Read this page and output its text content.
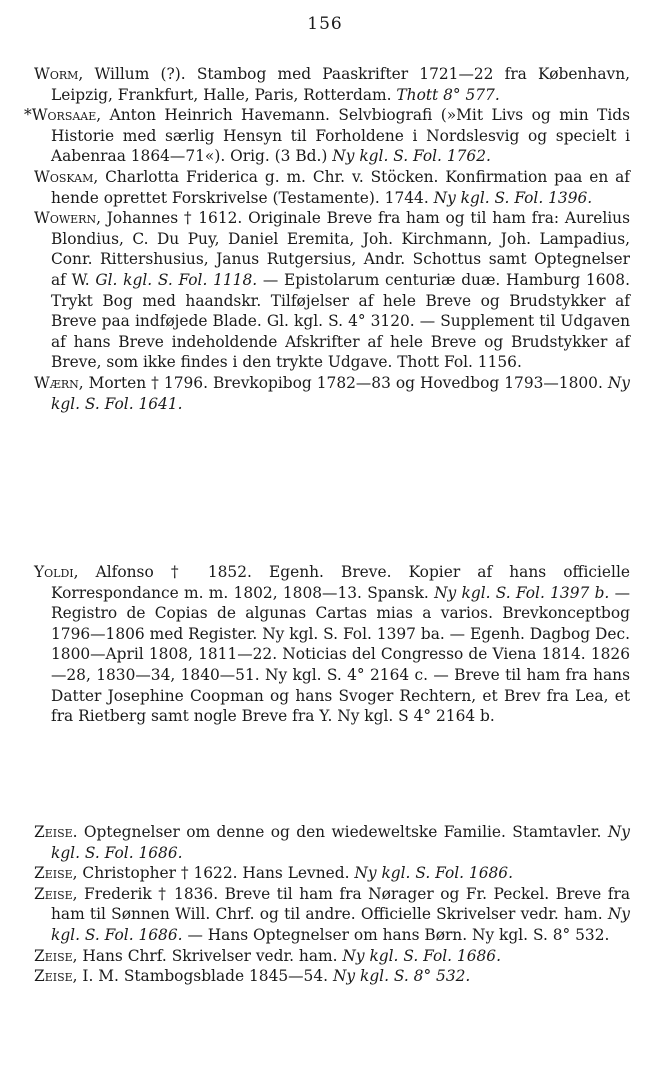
156
Worm, Willum (?). Stambog med Paaskrifter 1721—22 fra København, Leipzig, Frankfurt, Halle, Paris, Rotterdam. Thott 8° 577.
*Worsaae, Anton Heinrich Havemann. Selvbiografi (»Mit Livs og min Tids Historie med særlig Hensyn til Forholdene i Nordslesvig og specielt i Aabenraa 1864—71«). Orig. (3 Bd.) Ny kgl. S. Fol. 1762.
Woskam, Charlotta Friderica g. m. Chr. v. Stöcken. Konfirmation paa en af hende oprettet Forskrivelse (Testamente). 1744. Ny kgl. S. Fol. 1396.
Wowern, Johannes † 1612. Originale Breve fra ham og til ham fra: Aurelius Blondius, C. Du Puy, Daniel Eremita, Joh. Kirchmann, Joh. Lampadius, Conr. Rittershusius, Janus Rutgersius, Andr. Schottus samt Optegnelser af W. Gl. kgl. S. Fol. 1118. — Epistolarum centuriæ duæ. Hamburg 1608. Trykt Bog med haandskr. Tilføjelser af hele Breve og Brudstykker af Breve paa indføjede Blade. Gl. kgl. S. 4° 3120. — Supplement til Udgaven af hans Breve indeholdende Afskrifter af hele Breve og Brudstykker af Breve, som ikke findes i den trykte Udgave. Thott Fol. 1156.
Wærn, Morten † 1796. Brevkopibog 1782—83 og Hovedbog 1793—1800. Ny kgl. S. Fol. 1641.
Yoldi, Alfonso † 1852. Egenh. Breve. Kopier af hans officielle Korrespondance m. m. 1802, 1808—13. Spansk. Ny kgl. S. Fol. 1397 b. — Registro de Copias de algunas Cartas mias a varios. Brevkonceptbog 1796—1806 med Register. Ny kgl. S. Fol. 1397 ba. — Egenh. Dagbog Dec. 1800—April 1808, 1811—22. Noticias del Congresso de Viena 1814. 1826—28, 1830—34, 1840—51. Ny kgl. S. 4° 2164 c. — Breve til ham fra hans Datter Josephine Coopman og hans Svoger Rechtern, et Brev fra Lea, et fra Rietberg samt nogle Breve fra Y. Ny kgl. S 4° 2164 b.
Zeise. Optegnelser om denne og den wiedeweltske Familie. Stamtavler. Ny kgl. S. Fol. 1686.
Zeise, Christopher † 1622. Hans Levned. Ny kgl. S. Fol. 1686.
Zeise, Frederik † 1836. Breve til ham fra Nørager og Fr. Peckel. Breve fra ham til Sønnen Will. Chrf. og til andre. Officielle Skrivelser vedr. ham. Ny kgl. S. Fol. 1686. — Hans Optegnelser om hans Børn. Ny kgl. S. 8° 532.
Zeise, Hans Chrf. Skrivelser vedr. ham. Ny kgl. S. Fol. 1686.
Zeise, I. M. Stambogsblade 1845—54. Ny kgl. S. 8° 532.
